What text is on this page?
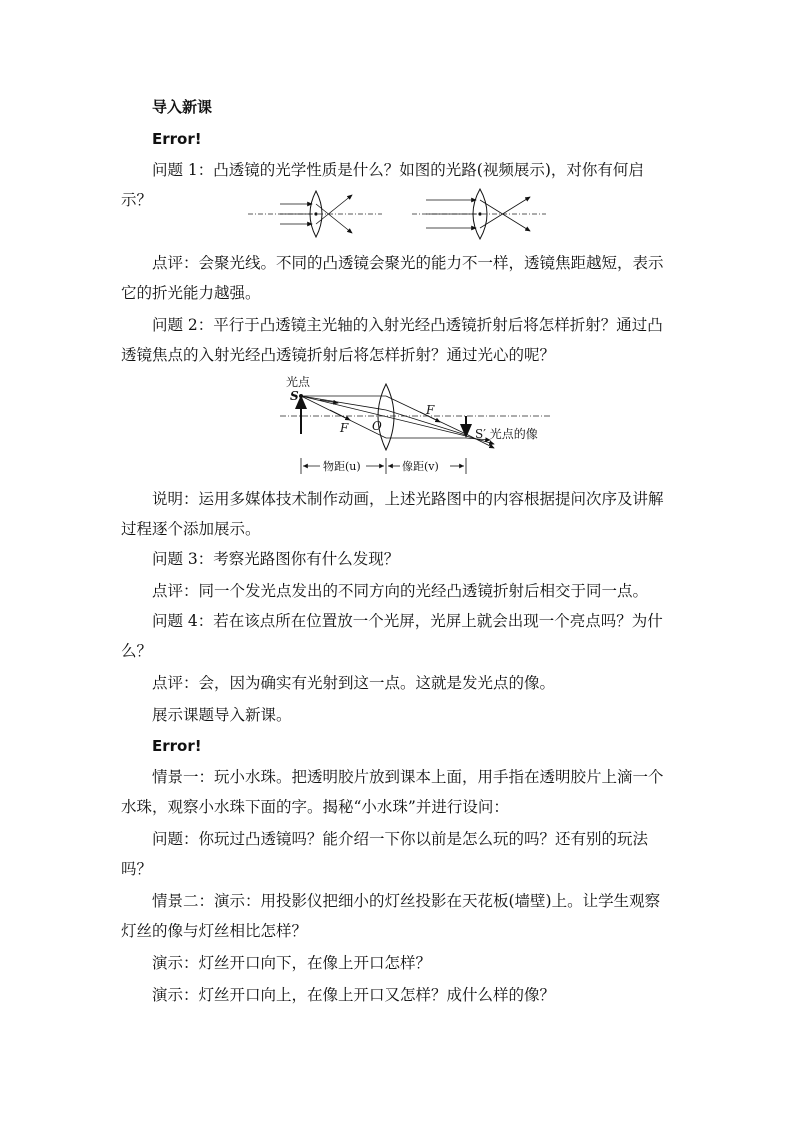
导入新课
Error!
问题 1：凸透镜的光学性质是什么？如图的光路(视频展示)，对你有何启示？
点评：会聚光线。不同的凸透镜会聚光的能力不一样，透镜焦距越短，表示它的折光能力越强。
问题 2：平行于凸透镜主光轴的入射光经凸透镜折射后将怎样折射？通过凸透镜焦点的入射光经凸透镜折射后将怎样折射？通过光心的呢？
光点
S
F O
F
S′ 光点的像
物距(u)	像距(v)
说明：运用多媒体技术制作动画，上述光路图中的内容根据提问次序及讲解过程逐个添加展示。
问题 3：考察光路图你有什么发现？
点评：同一个发光点发出的不同方向的光经凸透镜折射后相交于同一点。
问题 4：若在该点所在位置放一个光屏，光屏上就会出现一个亮点吗？为什么？
点评：会，因为确实有光射到这一点。这就是发光点的像。
展示课题导入新课。
Error!
情景一：玩小水珠。把透明胶片放到课本上面，用手指在透明胶片上滴一个水珠，观察小水珠下面的字。揭秘“小水珠”并进行设问：
问题：你玩过凸透镜吗？能介绍一下你以前是怎么玩的吗？还有别的玩法吗？
情景二：演示：用投影仪把细小的灯丝投影在天花板(墙壁)上。让学生观察灯丝的像与灯丝相比怎样？
演示：灯丝开口向下，在像上开口怎样？
演示：灯丝开口向上，在像上开口又怎样？成什么样的像？
